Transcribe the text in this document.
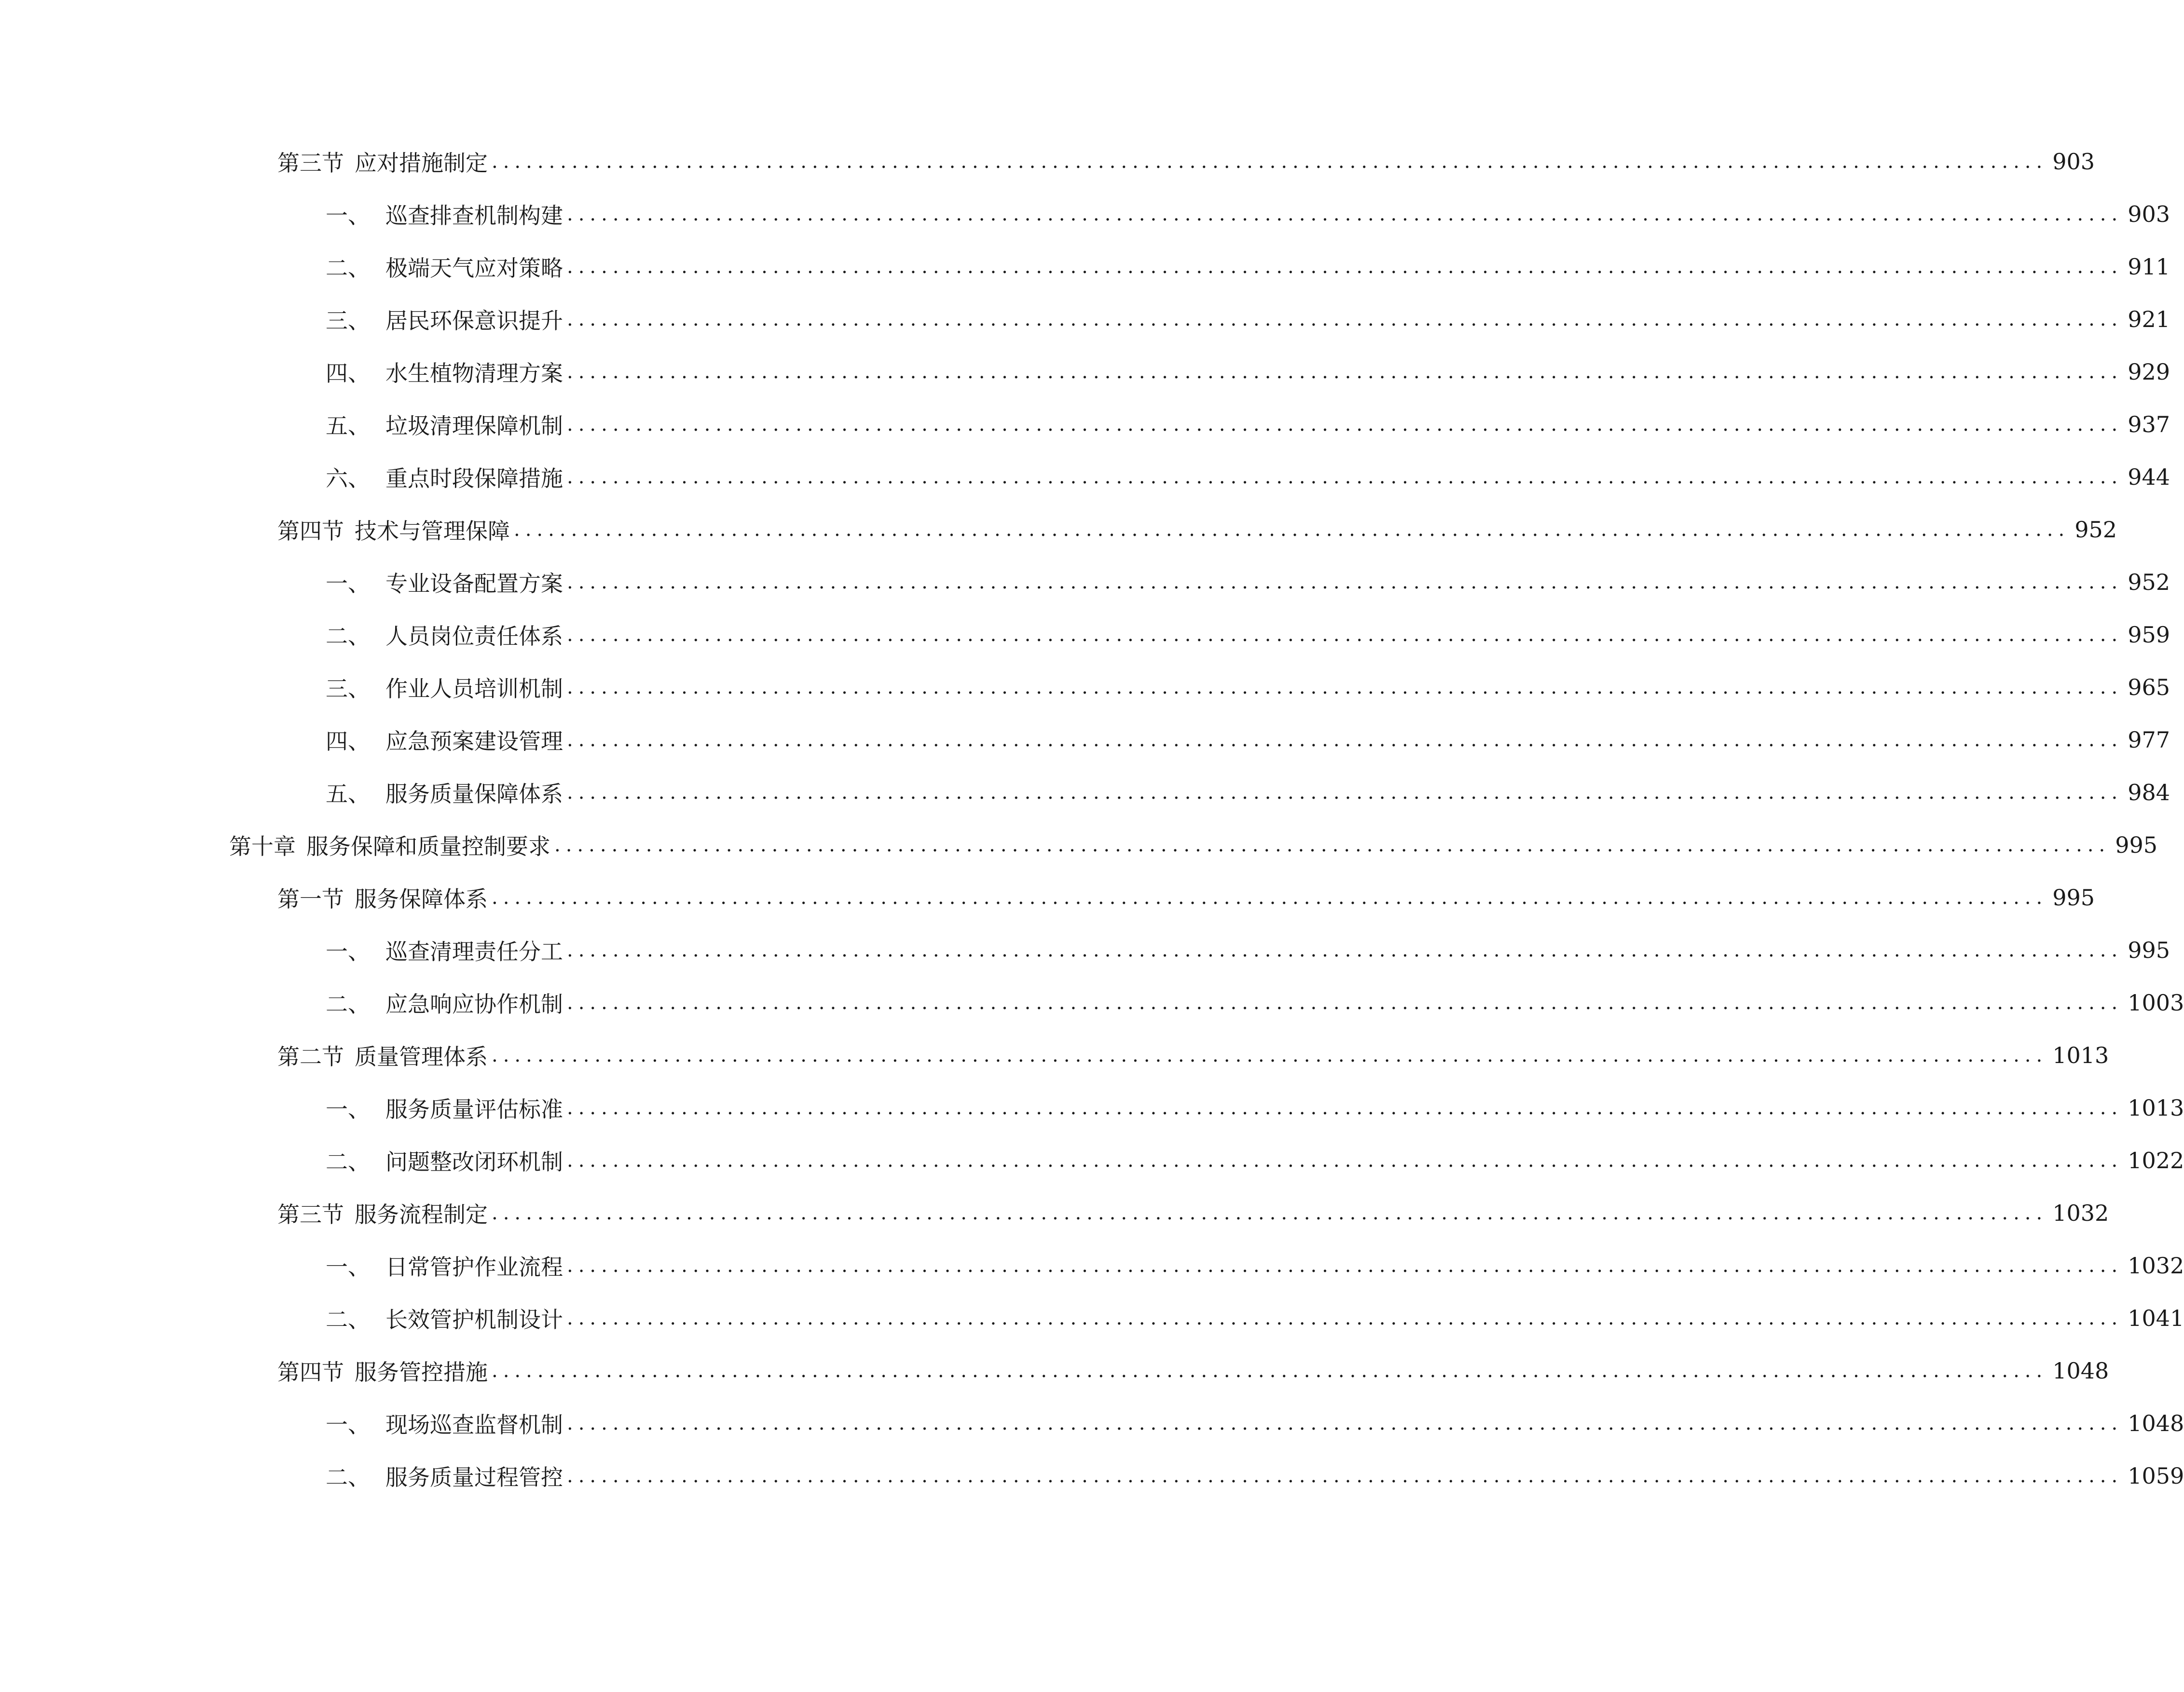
第三节 应对措施制定 ........................................................................................................................................ 903
一、 巡查排查机制构建 ........................................................................................................................................ 903
二、 极端天气应对策略 ........................................................................................................................................ 911
三、 居民环保意识提升 ........................................................................................................................................ 921
四、 水生植物清理方案 ........................................................................................................................................ 929
五、 垃圾清理保障机制 ........................................................................................................................................ 937
六、 重点时段保障措施 ........................................................................................................................................ 944
第四节 技术与管理保障 ........................................................................................................................................ 952
一、 专业设备配置方案 ........................................................................................................................................ 952
二、 人员岗位责任体系 ........................................................................................................................................ 959
三、 作业人员培训机制 ........................................................................................................................................ 965
四、 应急预案建设管理 ........................................................................................................................................ 977
五、 服务质量保障体系 ........................................................................................................................................ 984
第十章 服务保障和质量控制要求 ........................................................................................................................................ 995
第一节 服务保障体系 ........................................................................................................................................ 995
一、 巡查清理责任分工 ........................................................................................................................................ 995
二、 应急响应协作机制 ........................................................................................................................................ 1003
第二节 质量管理体系 ........................................................................................................................................ 1013
一、 服务质量评估标准 ........................................................................................................................................ 1013
二、 问题整改闭环机制 ........................................................................................................................................ 1022
第三节 服务流程制定 ........................................................................................................................................ 1032
一、 日常管护作业流程 ........................................................................................................................................ 1032
二、 长效管护机制设计 ........................................................................................................................................ 1041
第四节 服务管控措施 ........................................................................................................................................ 1048
一、 现场巡查监督机制 ........................................................................................................................................ 1048
二、 服务质量过程管控 ........................................................................................................................................ 1059
